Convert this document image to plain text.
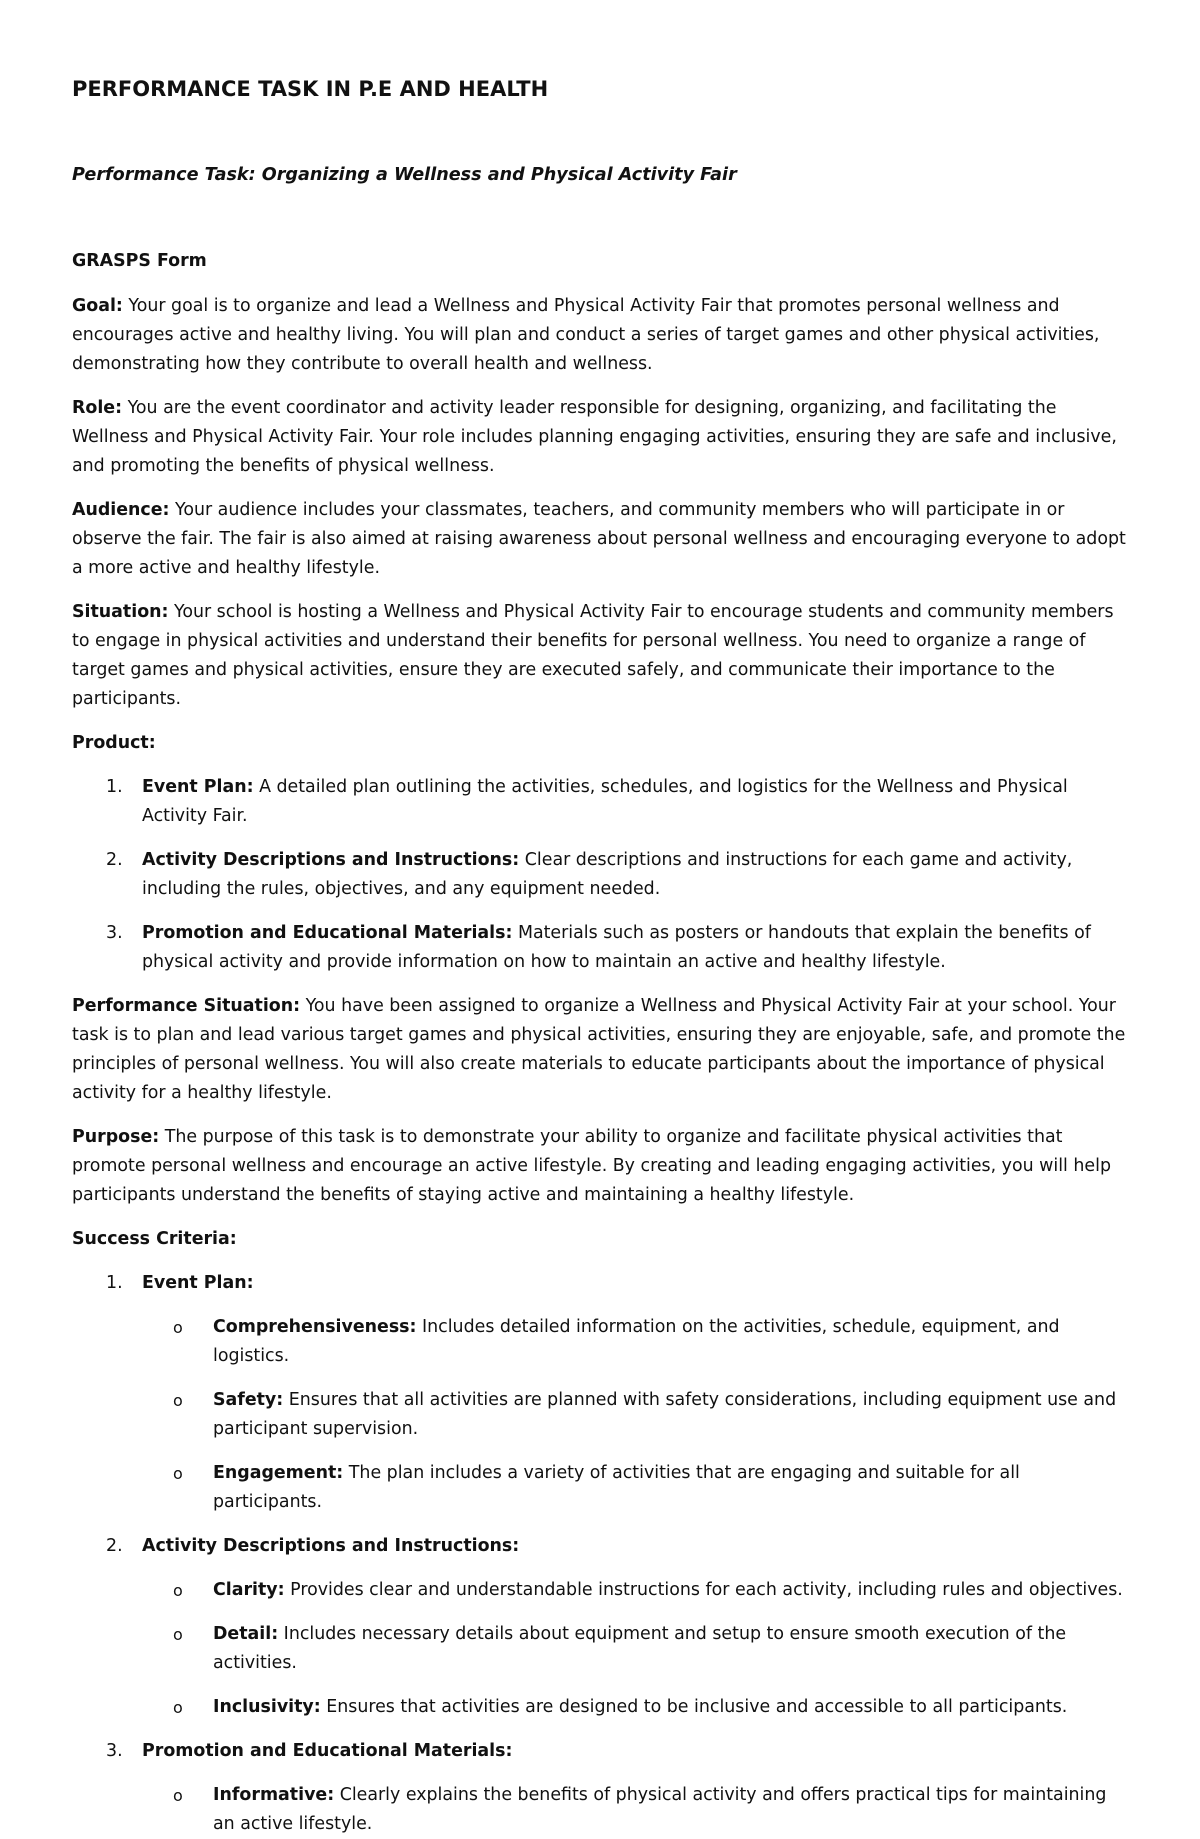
PERFORMANCE TASK IN P.E AND HEALTH
Performance Task: Organizing a Wellness and Physical Activity Fair
GRASPS Form

Goal: Your goal is to organize and lead a Wellness and Physical Activity Fair that promotes personal wellness and encourages active and healthy living. You will plan and conduct a series of target games and other physical activities, demonstrating how they contribute to overall health and wellness.

Role: You are the event coordinator and activity leader responsible for designing, organizing, and facilitating the Wellness and Physical Activity Fair. Your role includes planning engaging activities, ensuring they are safe and inclusive, and promoting the benefits of physical wellness.

Audience: Your audience includes your classmates, teachers, and community members who will participate in or observe the fair. The fair is also aimed at raising awareness about personal wellness and encouraging everyone to adopt a more active and healthy lifestyle.

Situation: Your school is hosting a Wellness and Physical Activity Fair to encourage students and community members to engage in physical activities and understand their benefits for personal wellness. You need to organize a range of target games and physical activities, ensure they are executed safely, and communicate their importance to the participants.

Product:
1. Event Plan: A detailed plan outlining the activities, schedules, and logistics for the Wellness and Physical Activity Fair.
2. Activity Descriptions and Instructions: Clear descriptions and instructions for each game and activity, including the rules, objectives, and any equipment needed.
3. Promotion and Educational Materials: Materials such as posters or handouts that explain the benefits of physical activity and provide information on how to maintain an active and healthy lifestyle.

Performance Situation: You have been assigned to organize a Wellness and Physical Activity Fair at your school. Your task is to plan and lead various target games and physical activities, ensuring they are enjoyable, safe, and promote the principles of personal wellness. You will also create materials to educate participants about the importance of physical activity for a healthy lifestyle.

Purpose: The purpose of this task is to demonstrate your ability to organize and facilitate physical activities that promote personal wellness and encourage an active lifestyle. By creating and leading engaging activities, you will help participants understand the benefits of staying active and maintaining a healthy lifestyle.

Success Criteria:
1. Event Plan:
o Comprehensiveness: Includes detailed information on the activities, schedule, equipment, and logistics.
o Safety: Ensures that all activities are planned with safety considerations, including equipment use and participant supervision.
o Engagement: The plan includes a variety of activities that are engaging and suitable for all participants.
2. Activity Descriptions and Instructions:
o Clarity: Provides clear and understandable instructions for each activity, including rules and objectives.
o Detail: Includes necessary details about equipment and setup to ensure smooth execution of the activities.
o Inclusivity: Ensures that activities are designed to be inclusive and accessible to all participants.
3. Promotion and Educational Materials:
o Informative: Clearly explains the benefits of physical activity and offers practical tips for maintaining an active lifestyle.
